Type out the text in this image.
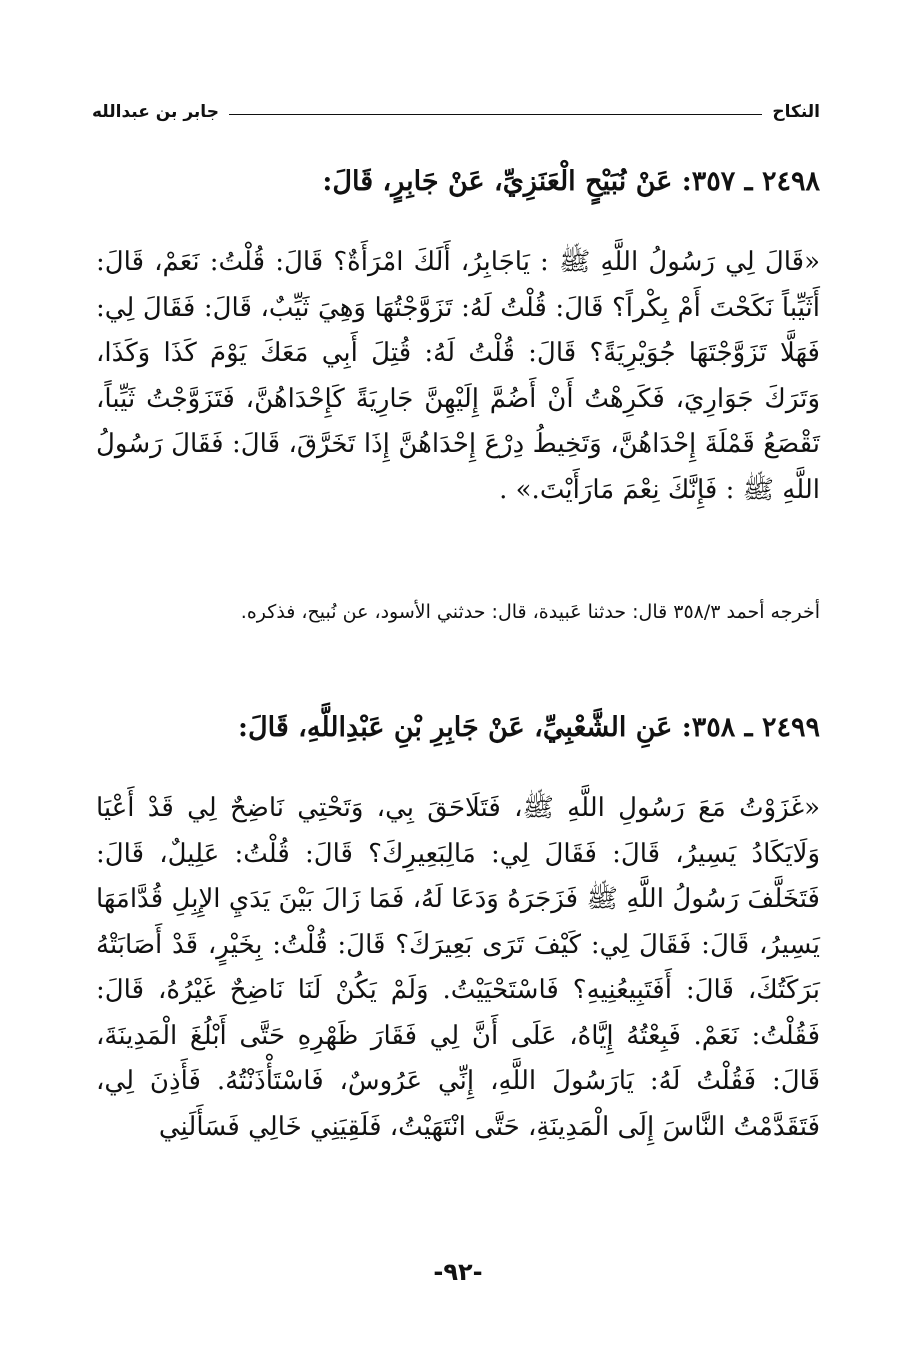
النكاح
جابر بن عبدالله
٢٤٩٨ ـ ٣٥٧: عَنْ نُبَيْحٍ الْعَنَزِيِّ، عَنْ جَابِرٍ، قَالَ:

«قَالَ لِي رَسُولُ اللَّهِ ﷺ : يَاجَابِرُ، أَلَكَ امْرَأَةٌ؟ قَالَ: قُلْتُ: نَعَمْ، قَالَ: أَثَيِّباً نَكَحْتَ أَمْ بِكْراً؟ قَالَ: قُلْتُ لَهُ: تَزَوَّجْتُهَا وَهِيَ ثَيِّبٌ، قَالَ: فَقَالَ لِي: فَهَلَّا تَزَوَّجْتَهَا جُوَيْرِيَةً؟ قَالَ: قُلْتُ لَهُ: قُتِلَ أَبِي مَعَكَ يَوْمَ كَذَا وَكَذَا، وَتَرَكَ جَوَارِيَ، فَكَرِهْتُ أَنْ أَضُمَّ إِلَيْهِنَّ جَارِيَةً كَإِحْدَاهُنَّ، فَتَزَوَّجْتُ ثَيِّباً، تَقْصَعُ قَمْلَةَ إِحْدَاهُنَّ، وَتَخِيطُ دِرْعَ إِحْدَاهُنَّ إِذَا تَخَرَّقَ، قَالَ: فَقَالَ رَسُولُ اللَّهِ ﷺ : فَإِنَّكَ نِعْمَ مَارَأَيْتَ.» .

أخرجه أحمد ٣٥٨/٣ قال: حدثنا عَبيدة، قال: حدثني الأسود، عن نُبيح، فذكره.
٢٤٩٩ ـ ٣٥٨: عَنِ الشَّعْبِيِّ، عَنْ جَابِرِ بْنِ عَبْدِاللَّهِ، قَالَ:

«غَزَوْتُ مَعَ رَسُولِ اللَّهِ ﷺ، فَتَلَاحَقَ بِي، وَتَحْتِي نَاضِحٌ لِي قَدْ أَعْيَا وَلَايَكَادُ يَسِيرُ، قَالَ: فَقَالَ لِي: مَالِبَعِيرِكَ؟ قَالَ: قُلْتُ: عَلِيلٌ، قَالَ: فَتَخَلَّفَ رَسُولُ اللَّهِ ﷺ فَزَجَرَهُ وَدَعَا لَهُ، فَمَا زَالَ بَيْنَ يَدَيِ الإِبِلِ قُدَّامَهَا يَسِيرُ، قَالَ: فَقَالَ لِي: كَيْفَ تَرَى بَعِيرَكَ؟ قَالَ: قُلْتُ: بِخَيْرٍ، قَدْ أَصَابَتْهُ بَرَكَتُكَ، قَالَ: أَفَتَبِيعُنِيهِ؟ فَاسْتَحْيَيْتُ. وَلَمْ يَكُنْ لَنَا نَاضِحٌ غَيْرُهُ، قَالَ: فَقُلْتُ: نَعَمْ. فَبِعْتُهُ إِيَّاهُ، عَلَى أَنَّ لِي فَقَارَ ظَهْرِهِ حَتَّى أَبْلُغَ الْمَدِينَةَ، قَالَ: فَقُلْتُ لَهُ: يَارَسُولَ اللَّهِ، إِنِّي عَرُوسٌ، فَاسْتَأْذَنْتُهُ. فَأَذِنَ لِي، فَتَقَدَّمْتُ النَّاسَ إِلَى الْمَدِينَةِ، حَتَّى انْتَهَيْتُ، فَلَقِيَنِي خَالِي فَسَأَلَنِي

-٩٢-
